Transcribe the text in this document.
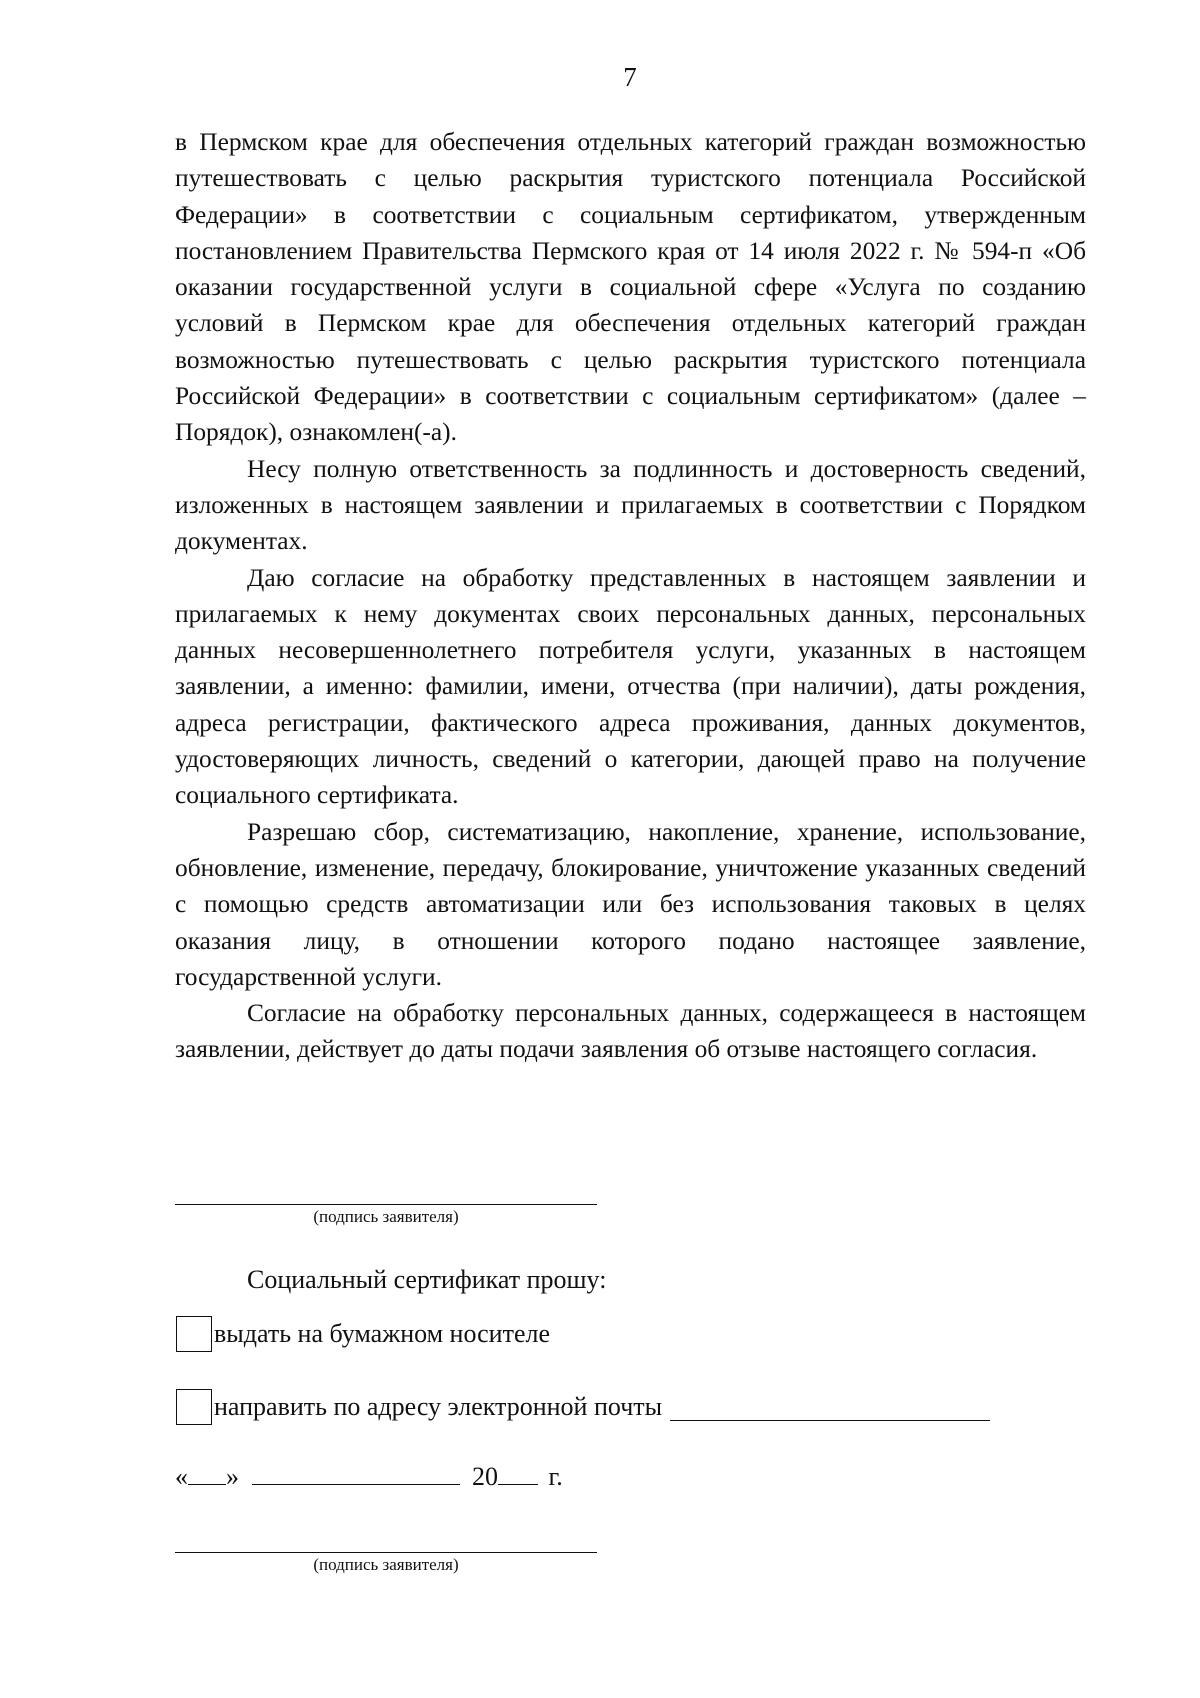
7

в Пермском крае для обеспечения отдельных категорий граждан возможностью путешествовать с целью раскрытия туристского потенциала Российской Федерации» в соответствии с социальным сертификатом, утвержденным постановлением Правительства Пермского края от 14 июля 2022 г. № 594-п «Об оказании государственной услуги в социальной сфере «Услуга по созданию условий в Пермском крае для обеспечения отдельных категорий граждан возможностью путешествовать с целью раскрытия туристского потенциала Российской Федерации» в соответствии с социальным сертификатом» (далее – Порядок), ознакомлен(-а).

Несу полную ответственность за подлинность и достоверность сведений, изложенных в настоящем заявлении и прилагаемых в соответствии с Порядком документах.

Даю согласие на обработку представленных в настоящем заявлении и прилагаемых к нему документах своих персональных данных, персональных данных несовершеннолетнего потребителя услуги, указанных в настоящем заявлении, а именно: фамилии, имени, отчества (при наличии), даты рождения, адреса регистрации, фактического адреса проживания, данных документов, удостоверяющих личность, сведений о категории, дающей право на получение социального сертификата.

Разрешаю сбор, систематизацию, накопление, хранение, использование, обновление, изменение, передачу, блокирование, уничтожение указанных сведений с помощью средств автоматизации или без использования таковых в целях оказания лицу, в отношении которого подано настоящее заявление, государственной услуги.

Согласие на обработку персональных данных, содержащееся в настоящем заявлении, действует до даты подачи заявления об отзыве настоящего согласия.

(подпись заявителя)
Социальный сертификат прошу:
выдать на бумажном носителе
направить по адресу электронной почты
« »	20 г.
(подпись заявителя)
